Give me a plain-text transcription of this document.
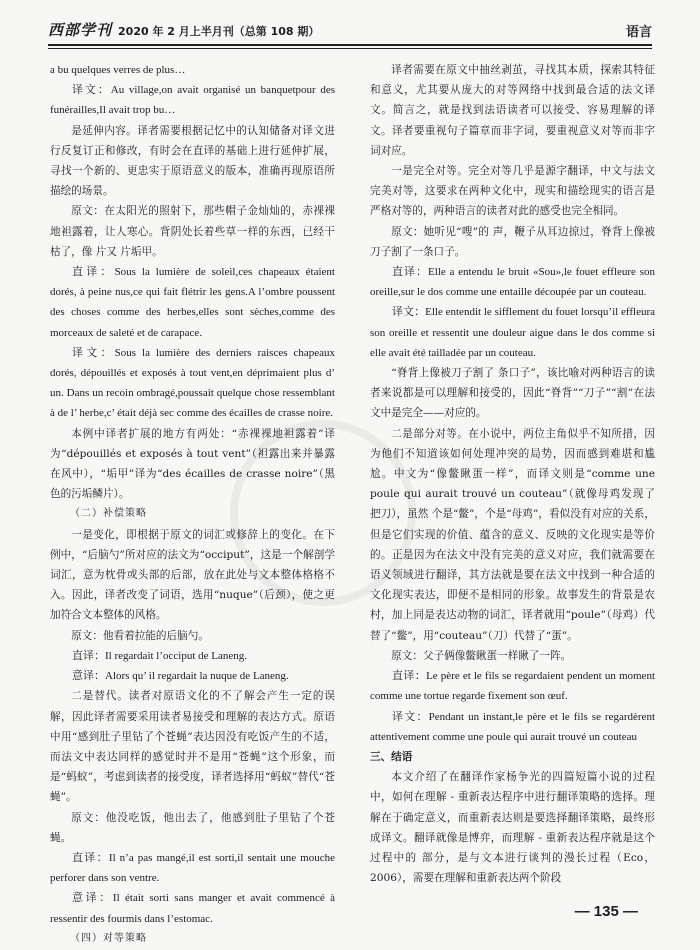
西部学刊 2020 年 2 月上半月刊（总第 108 期）	语言

a bu quelques verres de plus…

译文：Au village,on avait organisé un banquetpour des funérailles,Il avait trop bu…

是延伸内容。译者需要根据记忆中的认知储备对译文进行反复订正和修改，有时会在直译的基础上进行延伸扩展，寻找一个新的、更忠实于原语意义的版本，准确再现原语所描绘的场景。

原文：在太阳光的照射下，那些帽子金灿灿的，赤裸裸地袒露着，让人寒心。背阴处长着些草一样的东西，已经干枯了，像 片又 片垢甲。

直译：Sous la lumière de soleil,ces chapeaux étaient dorés, à peine nus,ce qui fait flétrir les gens.A l’ombre poussent des choses comme des herbes,elles sont sèches,comme des morceaux de saleté et de carapace.

译文：Sous la lumière des derniers raisces chapeaux dorés, dépouillés et exposés à tout vent,en déprimaient plus d’ un. Dans un recoin ombragé,poussait quelque chose ressemblant à de l’ herbe,c’ était déjà sec comme des écailles de crasse noire.

本例中译者扩展的地方有两处：“赤裸裸地袒露着”译为“dépouillés et exposés à tout vent”（袒露出来并暴露在风中），“垢甲”译为“des écailles de crasse noire”（黑色的污垢鳞片）。

（二）补偿策略

一是变化，即根据于原文的词汇或修辞上的变化。在下例中，“后脑勺”所对应的法文为“occiput”，这是一个解剖学词汇，意为枕骨或头部的后部，放在此处与文本整体格格不入。因此，译者改变了词语，选用“nuque”（后颈），使之更加符合文本整体的风格。

原文：他看着拉能的后脑勺。

直译：Il regardait l’occiput de Laneng.

意译：Alors qu’ il regardait la nuque de Laneng.

二是替代。读者对原语文化的不了解会产生一定的误解，因此译者需要采用读者易接受和理解的表达方式。原语中用“感到肚子里钻了个苍蝇”表达因没有吃饭产生的不适，而法文中表达同样的感觉时并不是用“苍蝇”这个形象，而是“蚂蚁”，考虑到读者的接受度，译者选择用“蚂蚁”替代“苍蝇”。

原文：他没吃饭，他出去了，他感到肚子里钻了个苍蝇。

直译：Il n’a pas mangé,il est sorti,il sentait une mouche perforer dans son ventre.

意译：Il était sorti sans manger et avait commencé à ressentir des fourmis dans l’estomac.

（四）对等策略

译者需要在原文中抽丝剥茧，寻找其本质，探索其特征和意义，尤其要从庞大的对等网络中找到最合适的法文译文。简言之，就是找到法语读者可以接受、容易理解的译文。译者要重视句子篇章而非字词，要重视意义对等而非字词对应。

一是完全对等。完全对等几乎是源字翻译，中文与法文完美对等，这要求在两种文化中，现实和描绘现实的语言是严格对等的，两种语言的读者对此的感受也完全相同。

原文：她听见“嗖”的 声，鞭子从耳边掠过，脊背上像被刀子割了一条口子。

直译：Elle a entendu le bruit «Sou»,le fouet effleure son oreille,sur le dos comme une entaille découpée par un couteau.

译文：Elle entendit le sifflement du fouet lorsqu’il effleura son oreille et ressentit une douleur aigue dans le dos comme si elle avait été tailladée par un couteau.

“脊背上像被刀子割了 条口子”，该比喻对两种语言的读者来说都是可以理解和接受的，因此“脊背”“刀子”“割”在法文中是完全——对应的。

二是部分对等。在小说中，两位主角似乎不知所措，因为他们不知道该如何处理冲突的局势，因而感到难堪和尴尬。中文为“像鳖瞅蛋一样”，而译文则是“comme une poule qui aurait trouvé un couteau”（就像母鸡发现了 把刀），虽然 个是“鳖”，个是“母鸡”，看似没有对应的关系，但是它们实现的价值、蕴含的意义、反映的文化现实是等价的。正是因为在法文中没有完美的意义对应，我们就需要在语义领域进行翻译，其方法就是要在法文中找到一种合适的文化现实表达，即便不是相同的形象。故事发生的背景是农村，加上同是表达动物的词汇，译者就用“poule”（母鸡）代替了“鳖”，用“couteau”（刀）代替了“蛋”。

原文：父子俩像鳖瞅蛋一样瞅了一阵。

直译：Le père et le fils se regardaient pendent un moment comme une tortue regarde fixement son œuf.

译文：Pendant un instant,le père et le fils se regardèrent attentivement comme une poule qui aurait trouvé un couteau

三、结语

本文介绍了在翻译作家杨争光的四篇短篇小说的过程中，如何在理解 - 重新表达程序中进行翻译策略的选择。理解在于确定意义，而重新表达则是要选择翻译策略，最终形成译文。翻译就像是博弈，而理解 - 重新表达程序就是这个过程中的 部分，是与文本进行谈判的漫长过程（Eco，2006），需要在理解和重新表达两个阶段

— 135 —
